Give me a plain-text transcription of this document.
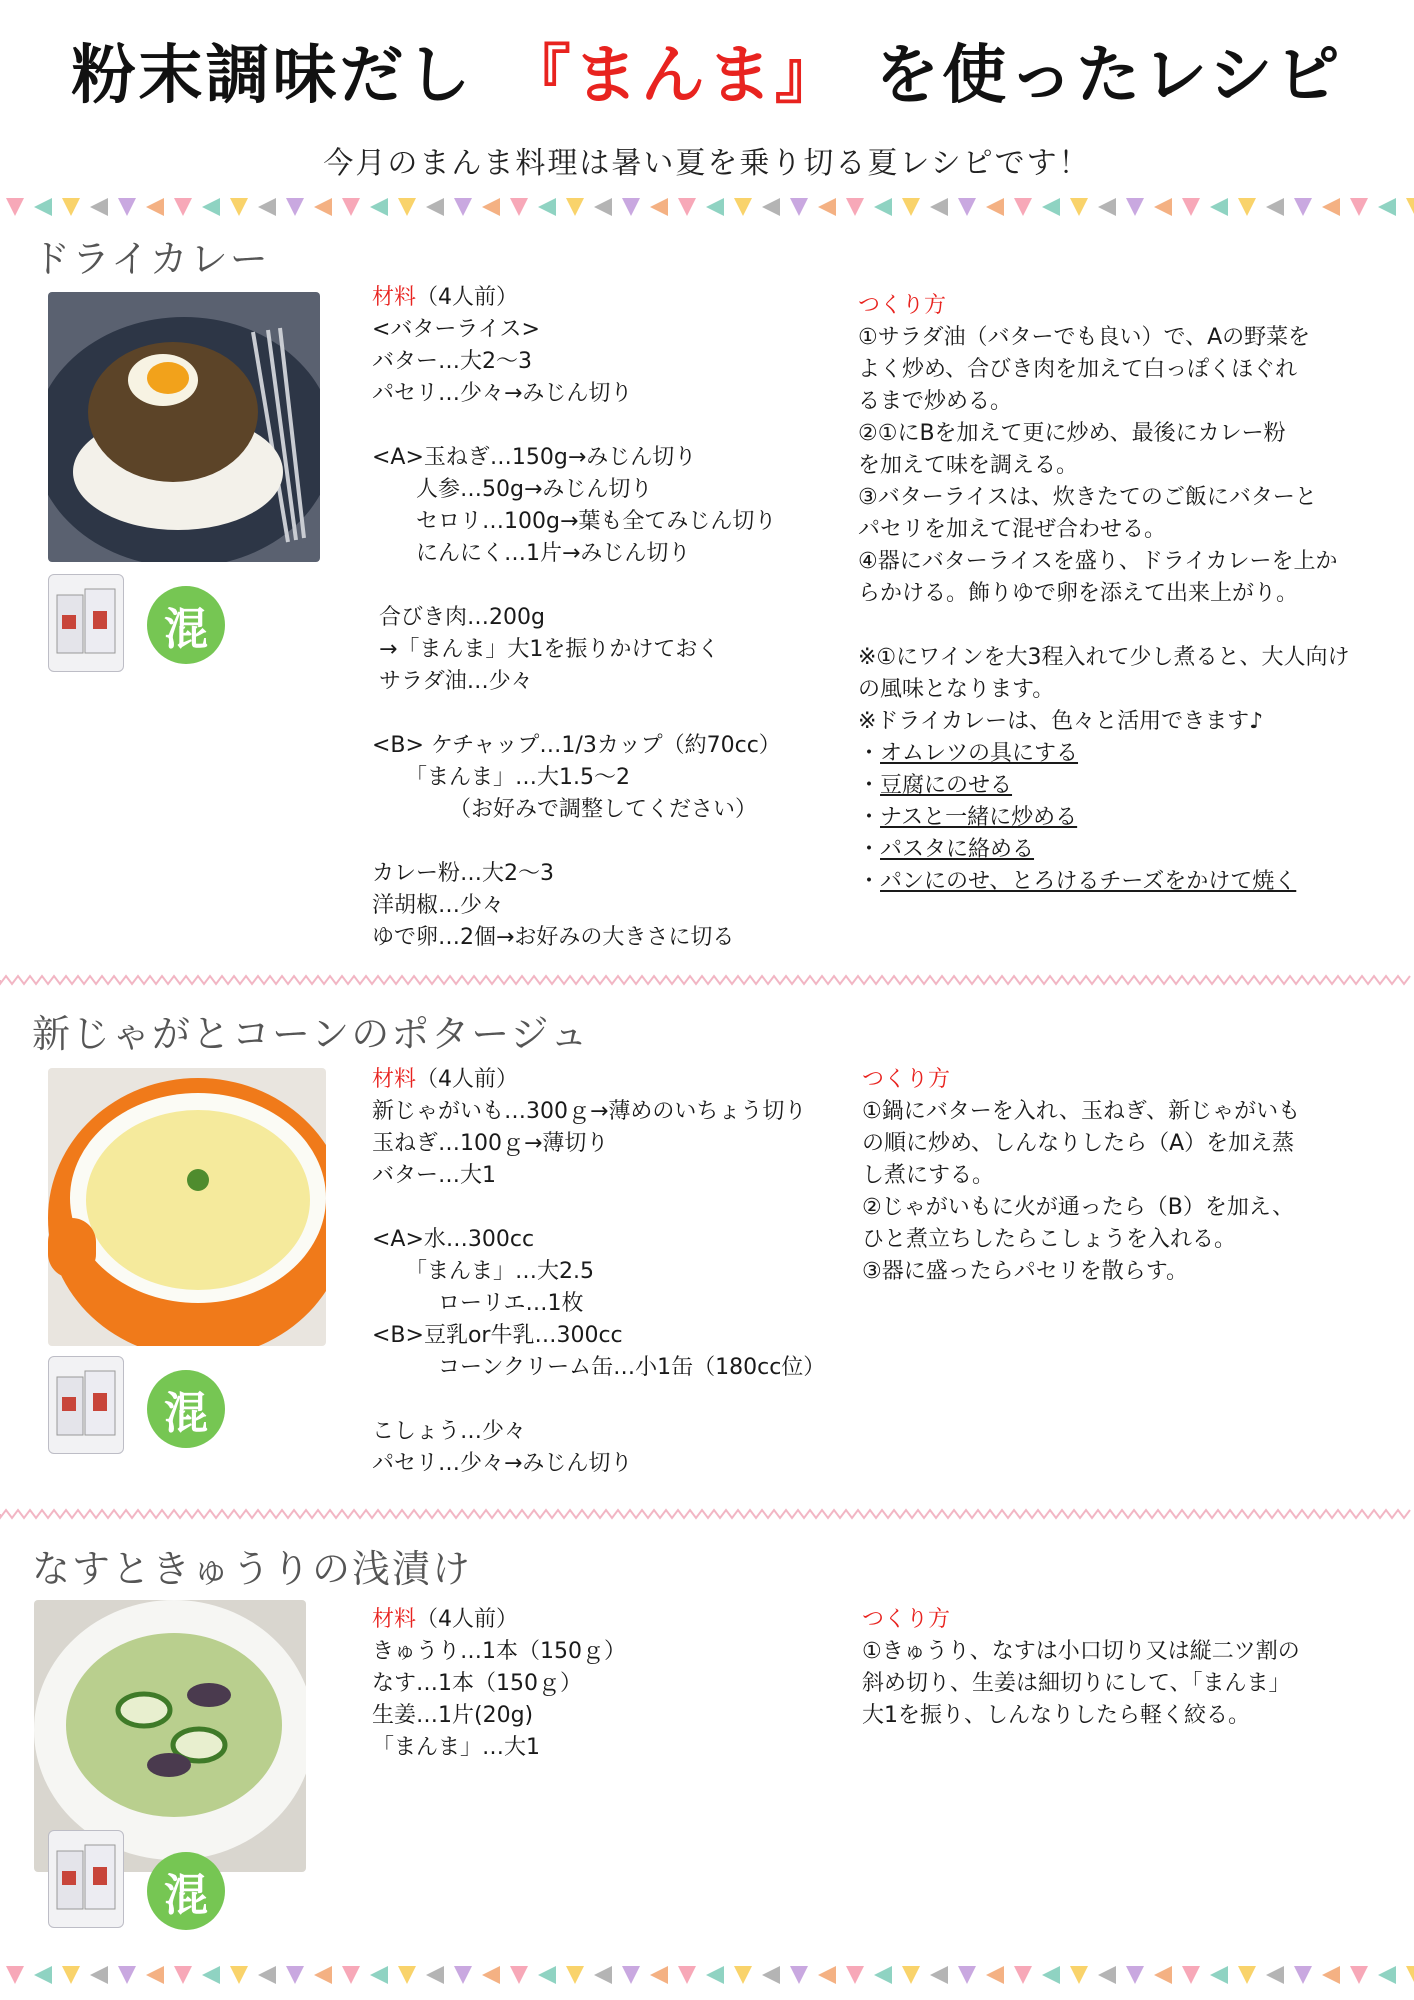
粉末調味だし 『まんま』 を使ったレシピ
今月のまんま料理は暑い夏を乗り切る夏レシピです！
ドライカレー
混
材料（4人前）
<バターライス>
バター…大2～3
パセリ…少々→みじん切り
<A>玉ねぎ…150g→みじん切り
　　人参…50g→みじん切り
　　セロリ…100g→葉も全てみじん切り
　　にんにく…1片→みじん切り
合びき肉…200g
→「まんま」大1を振りかけておく
サラダ油…少々
<B> ケチャップ…1/3カップ（約70cc）
　　「まんま」…大1.5～2
　　　　（お好みで調整してください）
カレー粉…大2～3
洋胡椒…少々
ゆで卵…2個→お好みの大きさに切る
つくり方
①サラダ油（バターでも良い）で、Aの野菜を
よく炒め、合びき肉を加えて白っぽくほぐれ
るまで炒める。
②①にBを加えて更に炒め、最後にカレー粉
を加えて味を調える。
③バターライスは、炊きたてのご飯にバターと
パセリを加えて混ぜ合わせる。
④器にバターライスを盛り、ドライカレーを上か
らかける。飾りゆで卵を添えて出来上がり。
※①にワインを大3程入れて少し煮ると、大人向け
の風味となります。
※ドライカレーは、色々と活用できます♪
・オムレツの具にする
・豆腐にのせる
・ナスと一緒に炒める
・パスタに絡める
・パンにのせ、とろけるチーズをかけて焼く
新じゃがとコーンのポタージュ
混
材料（4人前）
新じゃがいも…300ｇ→薄めのいちょう切り
玉ねぎ…100ｇ→薄切り
バター…大1
<A>水…300cc
　　「まんま」…大2.5
　　　ローリエ…1枚
<B>豆乳or牛乳…300cc
　　　コーンクリーム缶…小1缶（180cc位）
こしょう…少々
パセリ…少々→みじん切り
つくり方
①鍋にバターを入れ、玉ねぎ、新じゃがいも
の順に炒め、しんなりしたら（A）を加え蒸
し煮にする。
②じゃがいもに火が通ったら（B）を加え、
ひと煮立ちしたらこしょうを入れる。
③器に盛ったらパセリを散らす。
なすときゅうりの浅漬け
混
材料（4人前）
きゅうり…1本（150ｇ）
なす…1本（150ｇ）
生姜…1片(20g)
「まんま」…大1
つくり方
①きゅうり、なすは小口切り又は縦二ツ割の
斜め切り、生姜は細切りにして、「まんま」
大1を振り、しんなりしたら軽く絞る。
